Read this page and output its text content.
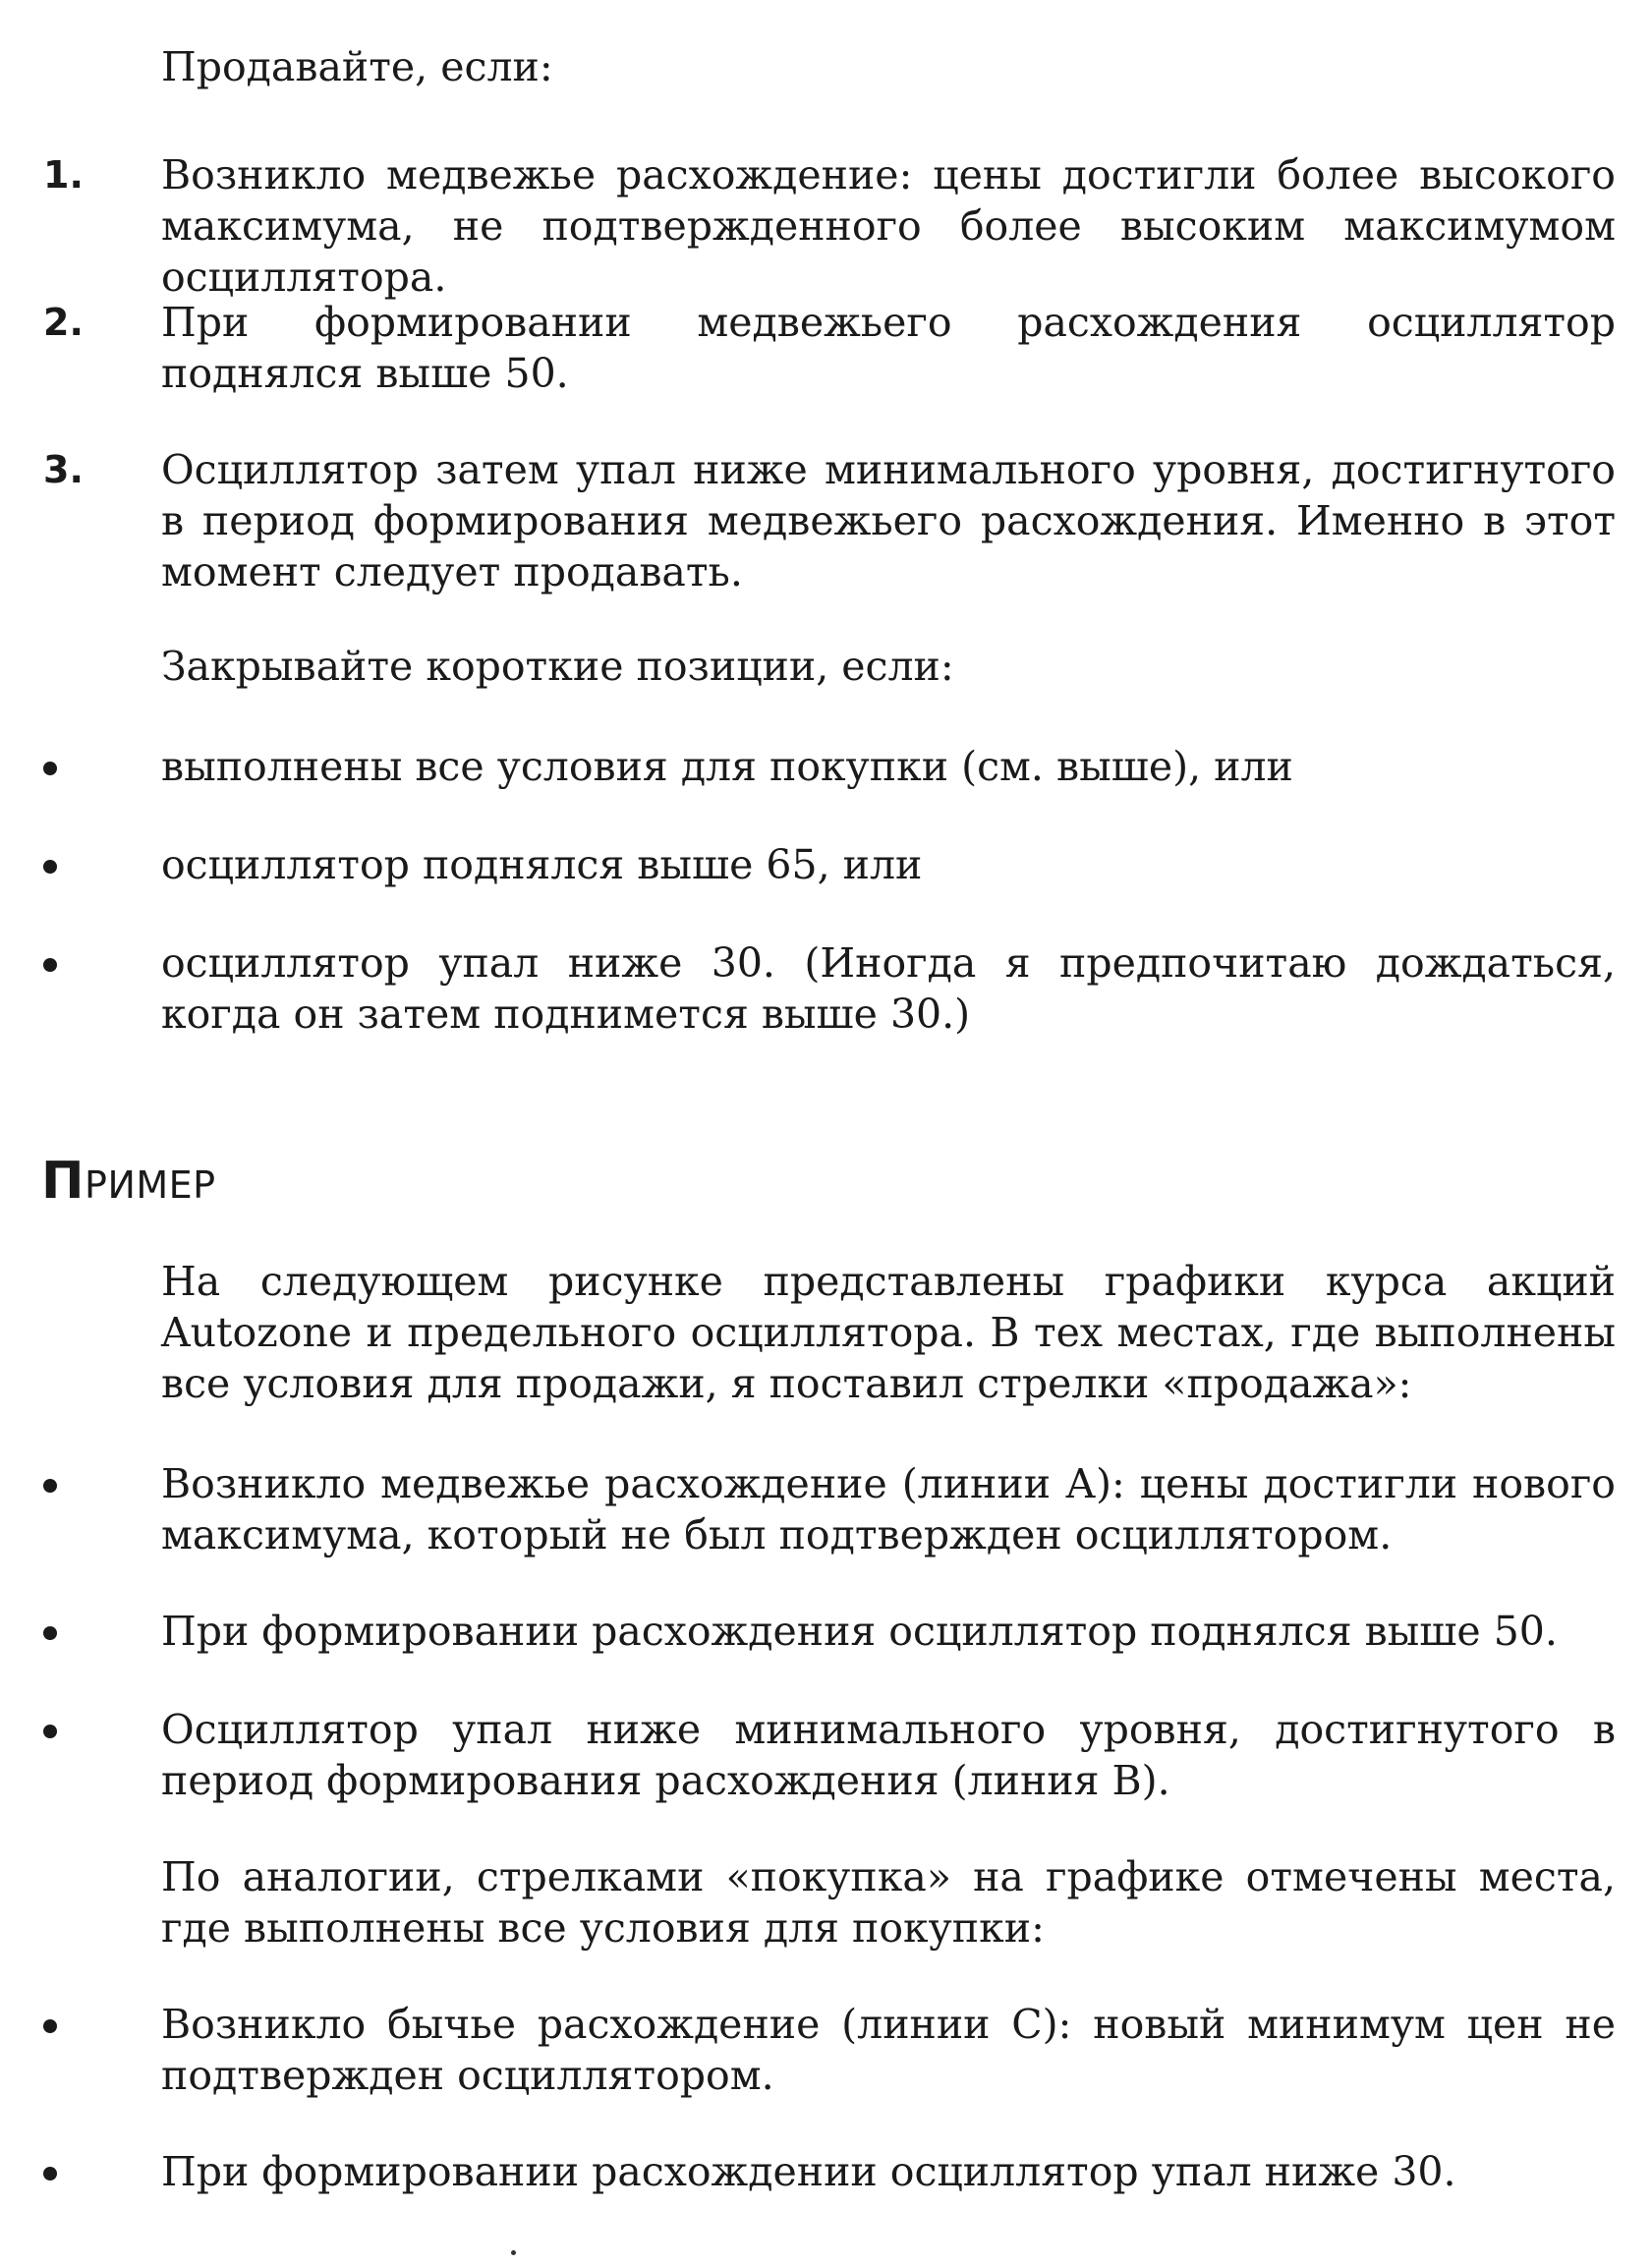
Продавайте, если:
1. Возникло медвежье расхождение: цены достигли более высокого максимума, не подтвержденного более высоким максимумом осциллятора.
2. При формировании медвежьего расхождения осциллятор поднялся выше 50.
3. Осциллятор затем упал ниже минимального уровня, достигнутого в период формирования медвежьего расхождения. Именно в этот момент следует продавать.
Закрывайте короткие позиции, если:
выполнены все условия для покупки (см. выше), или
осциллятор поднялся выше 65, или
осциллятор упал ниже 30. (Иногда я предпочитаю дождаться, когда он затем поднимется выше 30.)
ПРИМЕР
На следующем рисунке представлены графики курса акций Autozone и предельного осциллятора. В тех местах, где выполнены все условия для продажи, я поставил стрелки «продажа»:
Возникло медвежье расхождение (линии А): цены достигли нового максимума, который не был подтвержден осциллятором.
При формировании расхождения осциллятор поднялся выше 50.
Осциллятор упал ниже минимального уровня, достигнутого в период формирования расхождения (линия В).
По аналогии, стрелками «покупка» на графике отмечены места, где выполнены все условия для покупки:
Возникло бычье расхождение (линии С): новый минимум цен не подтвержден осциллятором.
При формировании расхождении осциллятор упал ниже 30.
